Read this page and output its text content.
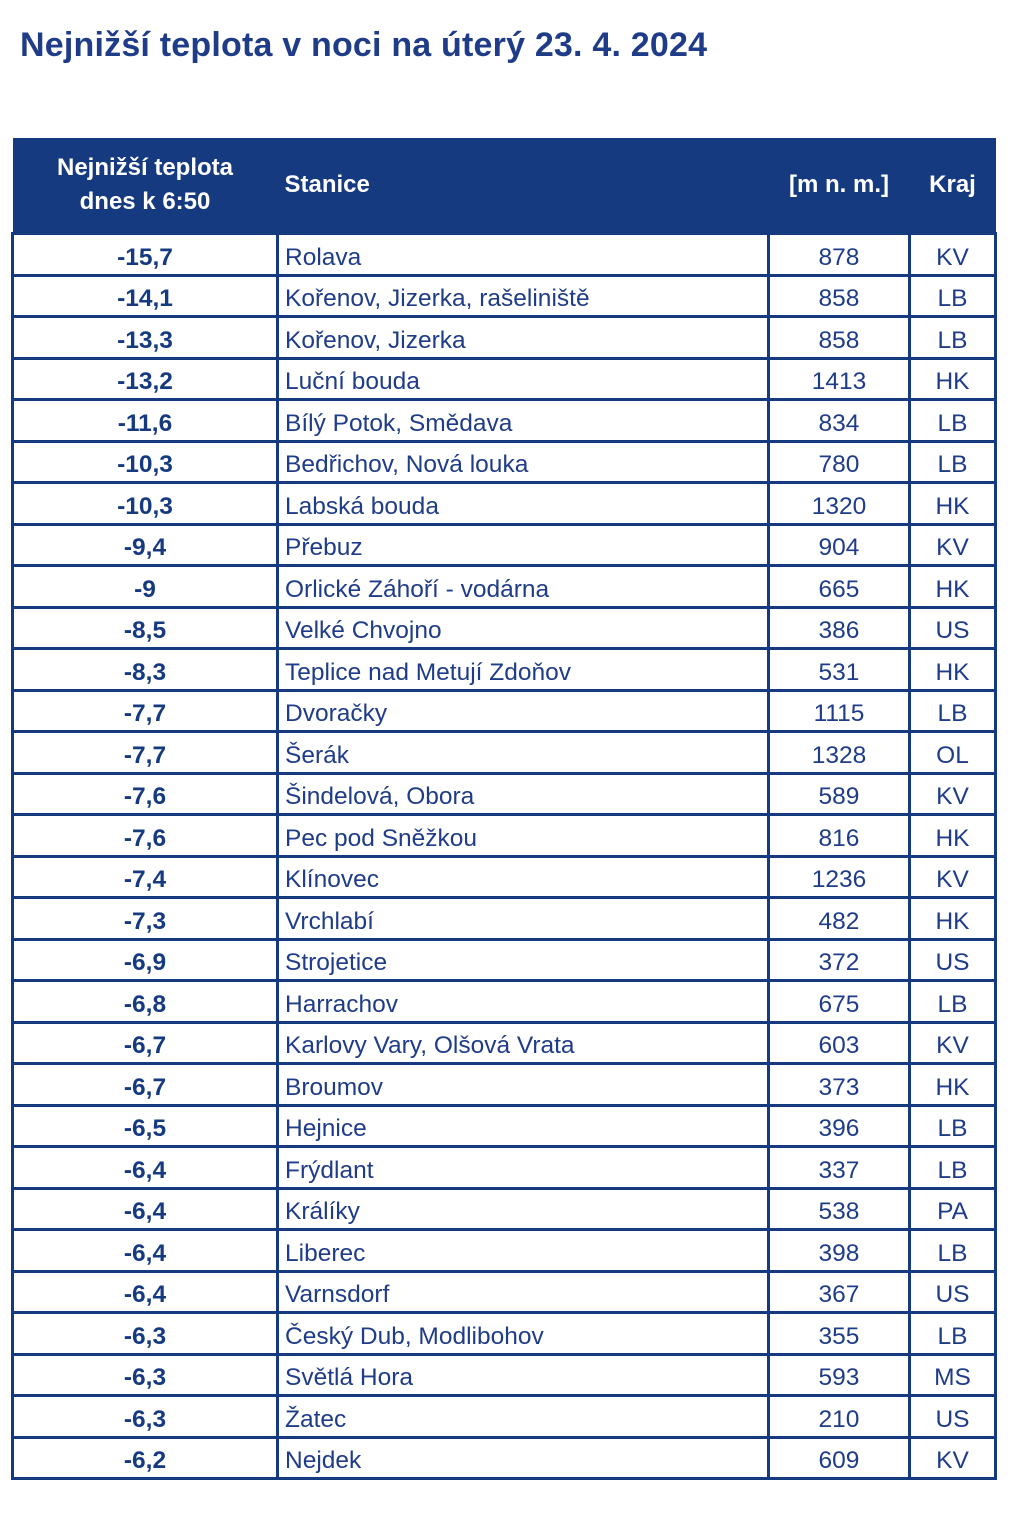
Nejnižší teplota v noci na úterý 23. 4. 2024
Nejnižší teplota
dnes k 6:50	Stanice	[m n. m.]	Kraj
-15,7	Rolava	878	KV
-14,1	Kořenov, Jizerka, rašeliniště	858	LB
-13,3	Kořenov, Jizerka	858	LB
-13,2	Luční bouda	1413	HK
-11,6	Bílý Potok, Smědava	834	LB
-10,3	Bedřichov, Nová louka	780	LB
-10,3	Labská bouda	1320	HK
-9,4	Přebuz	904	KV
-9	Orlické Záhoří - vodárna	665	HK
-8,5	Velké Chvojno	386	US
-8,3	Teplice nad Metují Zdoňov	531	HK
-7,7	Dvoračky	1115	LB
-7,7	Šerák	1328	OL
-7,6	Šindelová, Obora	589	KV
-7,6	Pec pod Sněžkou	816	HK
-7,4	Klínovec	1236	KV
-7,3	Vrchlabí	482	HK
-6,9	Strojetice	372	US
-6,8	Harrachov	675	LB
-6,7	Karlovy Vary, Olšová Vrata	603	KV
-6,7	Broumov	373	HK
-6,5	Hejnice	396	LB
-6,4	Frýdlant	337	LB
-6,4	Králíky	538	PA
-6,4	Liberec	398	LB
-6,4	Varnsdorf	367	US
-6,3	Český Dub, Modlibohov	355	LB
-6,3	Světlá Hora	593	MS
-6,3	Žatec	210	US
-6,2	Nejdek	609	KV
